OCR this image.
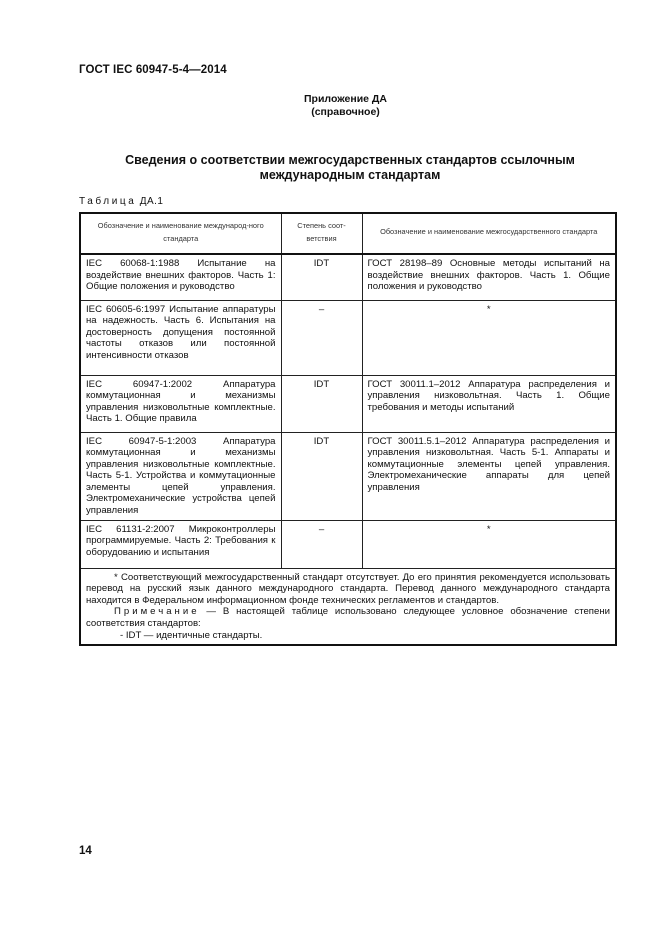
ГОСТ IEC 60947-5-4—2014
Приложение ДА
(справочное)
Сведения о соответствии межгосударственных стандартов ссылочным
международным стандартам
Таблица ДА.1
Обозначение и наименование международ-ного стандарта	Степень соот-ветствия	Обозначение и наименование межгосударственного стандарта
IEC 60068-1:1988 Испытание на воздействие внешних факторов. Часть 1: Общие положения и руководство	IDT	ГОСТ 28198–89 Основные методы испытаний на воздействие внешних факторов. Часть 1. Общие положения и руководство
IEC 60605-6:1997 Испытание аппаратуры на надежность. Часть 6. Испытания на достоверность допущения постоянной частоты отказов или постоянной интенсивности отказов	–	*
IEC 60947-1:2002 Аппаратура коммутационная и механизмы управления низковольтные комплектные. Часть 1. Общие правила	IDT	ГОСТ 30011.1–2012 Аппаратура распределения и управления низковольтная. Часть 1. Общие требования и методы испытаний
IEC 60947-5-1:2003 Аппаратура коммутационная и механизмы управления низковольтные комплектные. Часть 5-1. Устройства и коммутационные элементы цепей управления. Электромеханические устройства цепей управления	IDT	ГОСТ 30011.5.1–2012 Аппаратура распределения и управления низковольтная. Часть 5-1. Аппараты и коммутационные элементы цепей управления. Электромеханические аппараты для цепей управления
IEC 61131-2:2007 Микроконтроллеры программируемые. Часть 2: Требования к оборудованию и испытания	–	*

* Соответствующий межгосударственный стандарт отсутствует. До его принятия рекомендуется использовать перевод на русский язык данного международного стандарта. Перевод данного международного стандарта находится в Федеральном информационном фонде технических регламентов и стандартов.

Примечание — В настоящей таблице использовано следующее условное обозначение степени соответствия стандартов:

- IDT — идентичные стандарты.		

14
